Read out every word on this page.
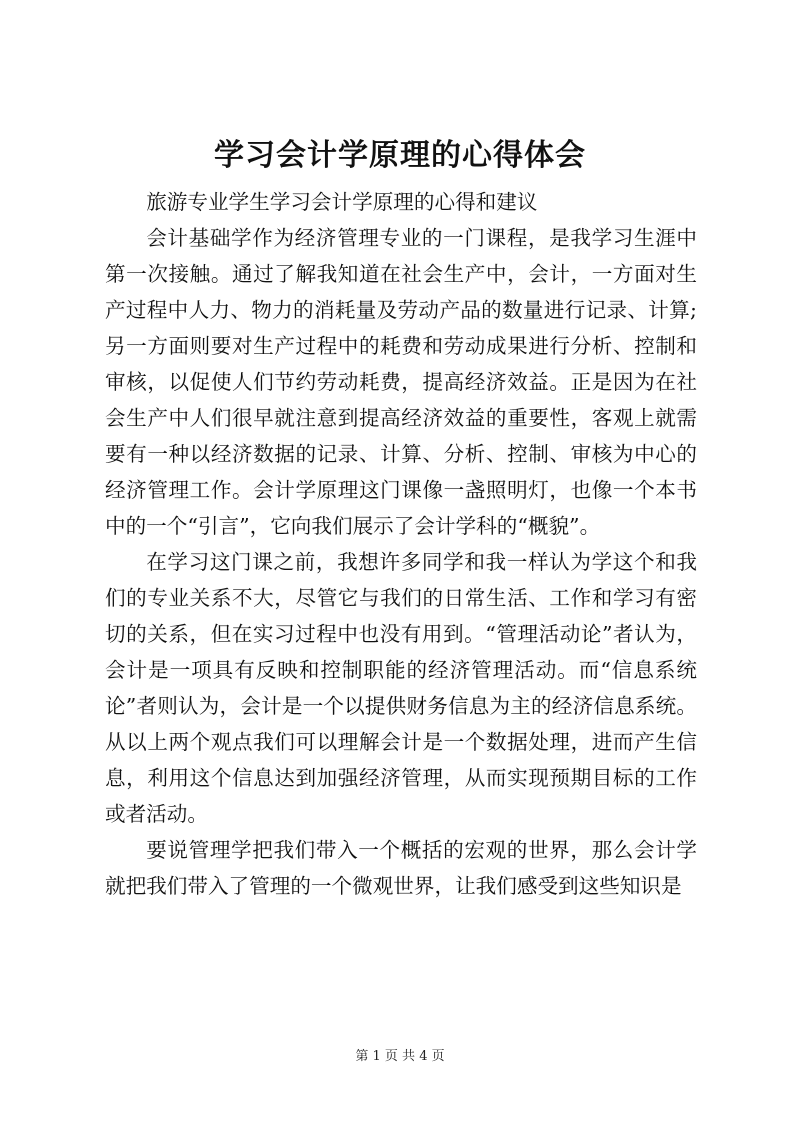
学习会计学原理的心得体会

旅游专业学生学习会计学原理的心得和建议

会计基础学作为经济管理专业的一门课程，是我学习生涯中第一次接触。通过了解我知道在社会生产中，会计，一方面对生产过程中人力、物力的消耗量及劳动产品的数量进行记录、计算;另一方面则要对生产过程中的耗费和劳动成果进行分析、控制和审核，以促使人们节约劳动耗费，提高经济效益。正是因为在社会生产中人们很早就注意到提高经济效益的重要性，客观上就需要有一种以经济数据的记录、计算、分析、控制、审核为中心的经济管理工作。会计学原理这门课像一盏照明灯，也像一个本书中的一个“引言”，它向我们展示了会计学科的“概貌”。

在学习这门课之前，我想许多同学和我一样认为学这个和我们的专业关系不大，尽管它与我们的日常生活、工作和学习有密切的关系，但在实习过程中也没有用到。“管理活动论”者认为，会计是一项具有反映和控制职能的经济管理活动。而“信息系统论”者则认为，会计是一个以提供财务信息为主的经济信息系统。从以上两个观点我们可以理解会计是一个数据处理，进而产生信息，利用这个信息达到加强经济管理，从而实现预期目标的工作或者活动。

要说管理学把我们带入一个概括的宏观的世界，那么会计学就把我们带入了管理的一个微观世界，让我们感受到这些知识是

第 1 页 共 4 页
